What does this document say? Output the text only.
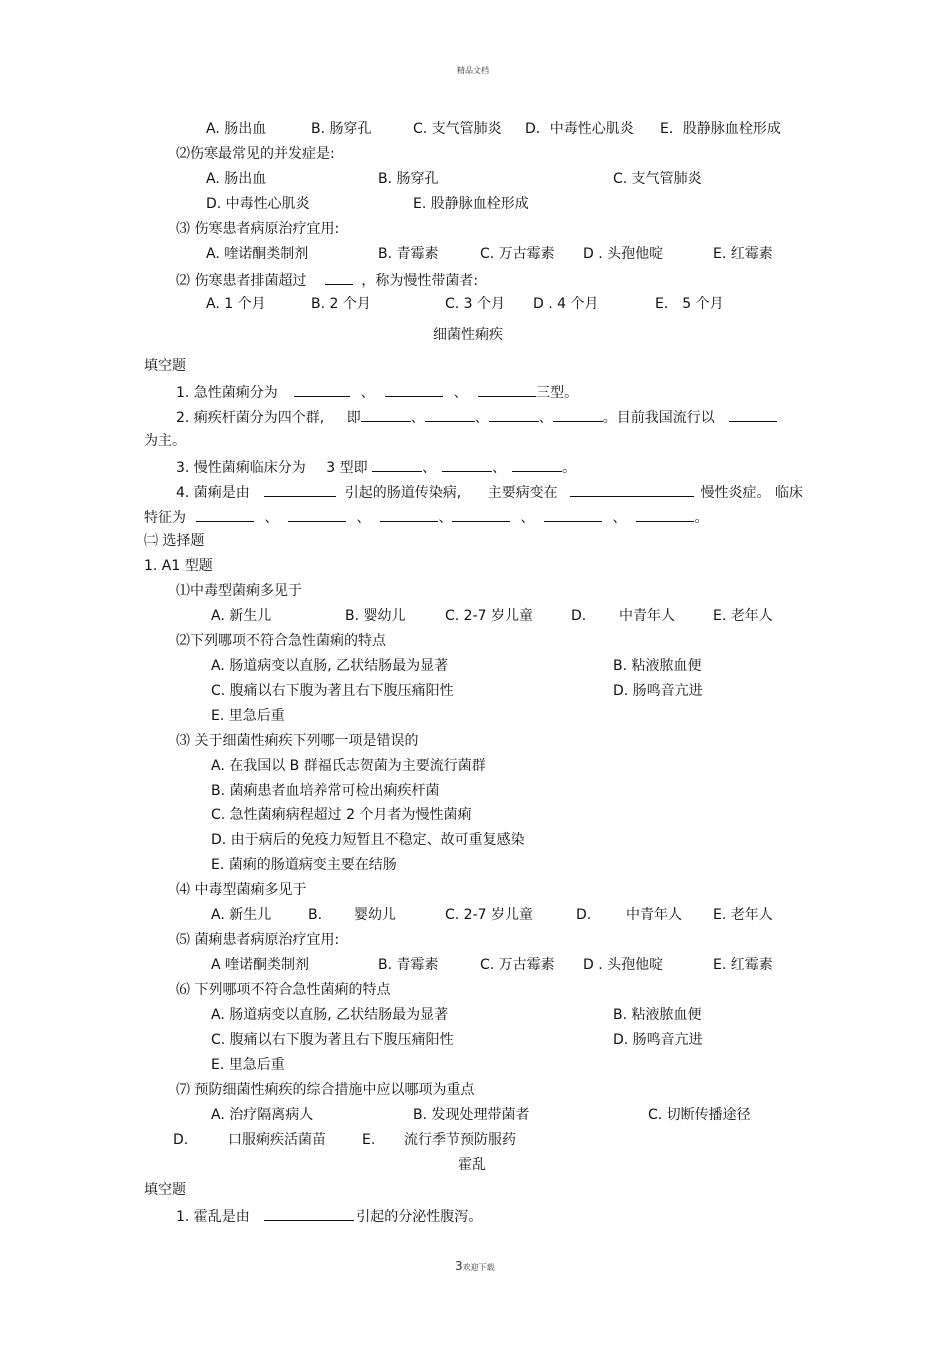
精品文档
A. 肠出血	B. 肠穿孔	C. 支气管肺炎 D．中毒性心肌炎 E．股静脉血栓形成
⑵伤寒最常见的并发症是:
A. 肠出血	B. 肠穿孔	C. 支气管肺炎
D. 中毒性心肌炎	E. 股静脉血栓形成
⑶ 伤寒患者病原治疗宜用:
A. 喹诺酮类制剂	B. 青霉素	C. 万古霉素 D . 头孢他啶	E. 红霉素
⑵ 伤寒患者排菌超过	，称为慢性带菌者:
A. 1 个月	B. 2 个月	C. 3 个月 D . 4 个月	E． 5 个月
细菌性痢疾
填空题
1. 急性菌痢分为	、	、	三型。
2. 痢疾杆菌分为四个群, 即	、	、	、	。目前我国流行以
为主。
3. 慢性菌痢临床分为 3 型即	、	、	。
4. 菌痢是由	引起的肠道传染病, 主要病变在	慢性炎症。 临床
特征为	、	、	、	、	、	。
㈡ 选择题
1. A1 型题
⑴中毒型菌痢多见于
A. 新生儿	B. 婴幼儿	C. 2-7 岁儿童	D. 中青年人	E. 老年人
⑵下列哪项不符合急性菌痢的特点
A. 肠道病变以直肠, 乙状结肠最为显著	B. 粘液脓血便
C. 腹痛以右下腹为著且右下腹压痛阳性	D. 肠鸣音亢进
E. 里急后重
⑶ 关于细菌性痢疾下列哪一项是错误的
A. 在我国以 B 群福氏志贺菌为主要流行菌群
B. 菌痢患者血培养常可检出痢疾杆菌
C. 急性菌痢病程超过 2 个月者为慢性菌痢
D. 由于病后的免疫力短暂且不稳定、故可重复感染
E. 菌痢的肠道病变主要在结肠
⑷ 中毒型菌痢多见于
A. 新生儿	B. 婴幼儿	C. 2-7 岁儿童	D. 中青年人 E. 老年人
⑸ 菌痢患者病原治疗宜用:
A 喹诺酮类制剂	B. 青霉素	C. 万古霉素 D . 头孢他啶	E. 红霉素
⑹ 下列哪项不符合急性菌痢的特点
A. 肠道病变以直肠, 乙状结肠最为显著	B. 粘液脓血便
C. 腹痛以右下腹为著且右下腹压痛阳性	D. 肠鸣音亢进
E. 里急后重
⑺ 预防细菌性痢疾的综合措施中应以哪项为重点
A. 治疗隔离病人	B. 发现处理带菌者	C. 切断传播途径
D.	口服痢疾活菌苗	E. 流行季节预防服药
霍乱
填空题
1. 霍乱是由	引起的分泌性腹泻。
3欢迎下载
